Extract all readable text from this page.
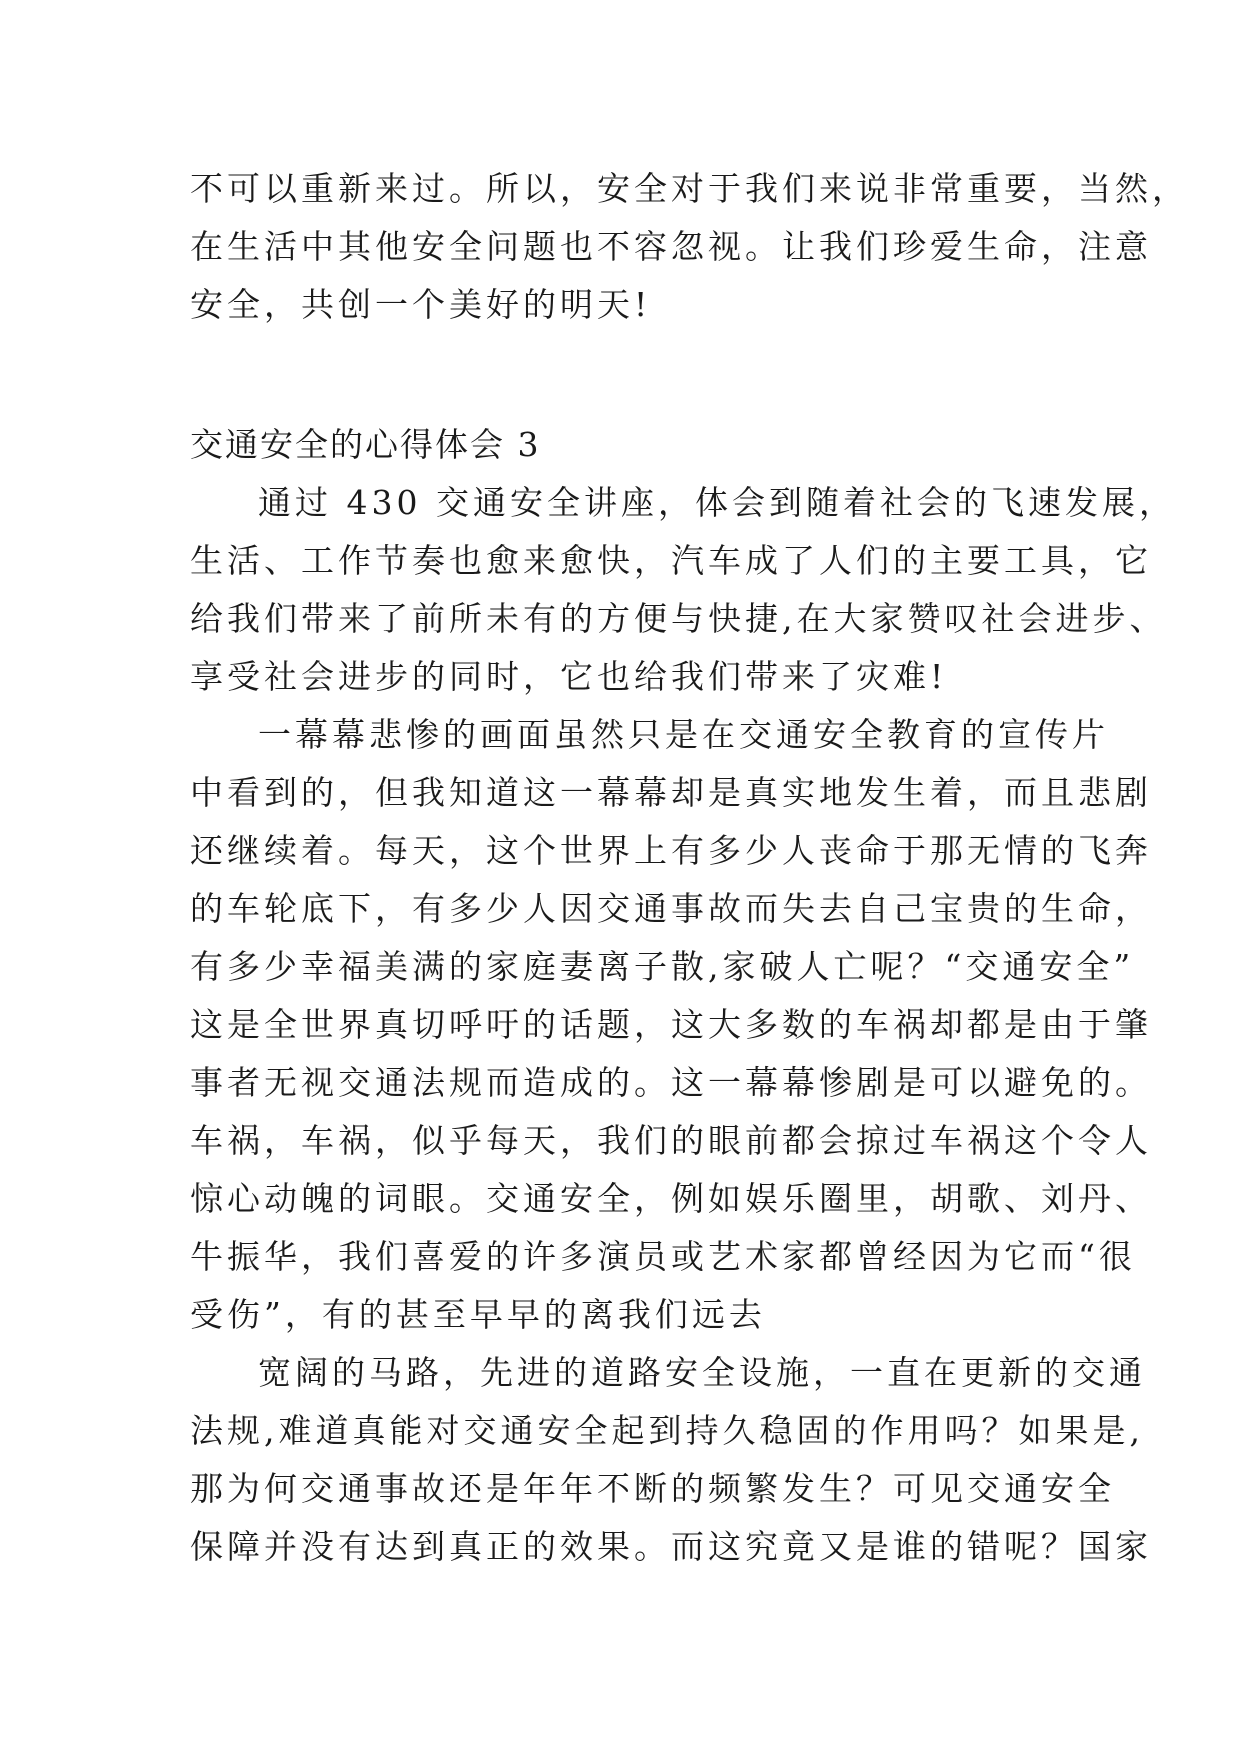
不可以重新来过。所以，安全对于我们来说非常重要，当然，
在生活中其他安全问题也不容忽视。让我们珍爱生命，注意
安全，共创一个美好的明天!
交通安全的心得体会 3
通过 430 交通安全讲座，体会到随着社会的飞速发展，
生活、工作节奏也愈来愈快，汽车成了人们的主要工具，它
给我们带来了前所未有的方便与快捷,在大家赞叹社会进步、
享受社会进步的同时，它也给我们带来了灾难!
一幕幕悲惨的画面虽然只是在交通安全教育的宣传片
中看到的，但我知道这一幕幕却是真实地发生着，而且悲剧
还继续着。每天，这个世界上有多少人丧命于那无情的飞奔
的车轮底下，有多少人因交通事故而失去自己宝贵的生命，
有多少幸福美满的家庭妻离子散,家破人亡呢？“交通安全”
这是全世界真切呼吁的话题，这大多数的车祸却都是由于肇
事者无视交通法规而造成的。这一幕幕惨剧是可以避免的。
车祸，车祸，似乎每天，我们的眼前都会掠过车祸这个令人
惊心动魄的词眼。交通安全，例如娱乐圈里，胡歌、刘丹、
牛振华，我们喜爱的许多演员或艺术家都曾经因为它而“很
受伤”，有的甚至早早的离我们远去
宽阔的马路，先进的道路安全设施，一直在更新的交通
法规,难道真能对交通安全起到持久稳固的作用吗？如果是,
那为何交通事故还是年年不断的频繁发生？可见交通安全
保障并没有达到真正的效果。而这究竟又是谁的错呢？国家
